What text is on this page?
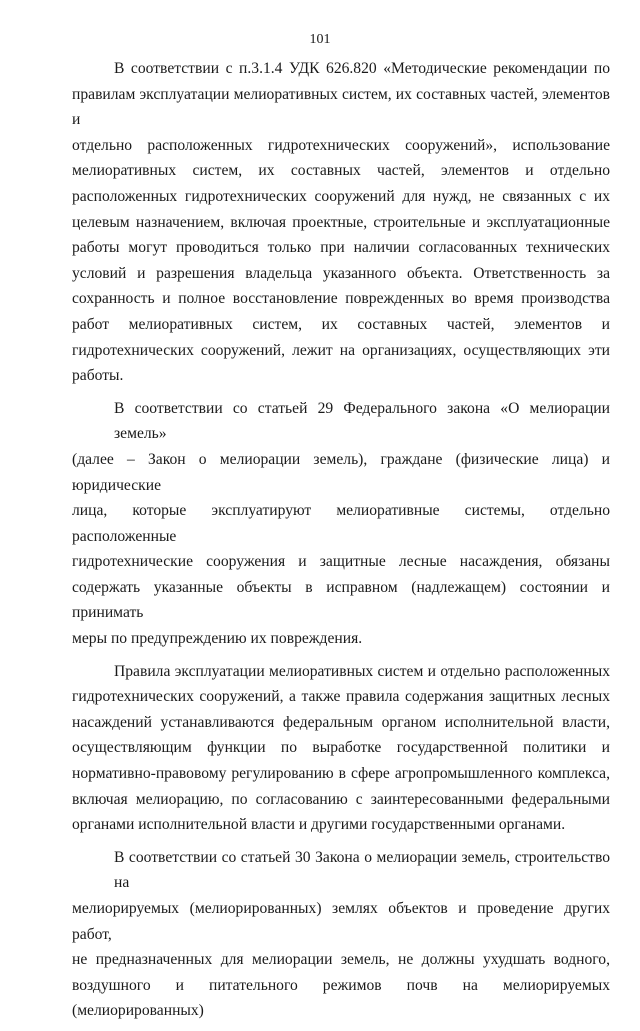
101

В соответствии с п.3.1.4 УДК 626.820 «Методические рекомендации по
правилам эксплуатации мелиоративных систем, их составных частей, элементов и
отдельно расположенных гидротехнических сооружений», использование
мелиоративных систем, их составных частей, элементов и отдельно
расположенных гидротехнических сооружений для нужд, не связанных с их
целевым назначением, включая проектные, строительные и эксплуатационные
работы могут проводиться только при наличии согласованных технических
условий и разрешения владельца указанного объекта. Ответственность за
сохранность и полное восстановление поврежденных во время производства
работ мелиоративных систем, их составных частей, элементов и
гидротехнических сооружений, лежит на организациях, осуществляющих эти
работы.

В соответствии со статьей 29 Федерального закона «О мелиорации земель»
(далее – Закон о мелиорации земель), граждане (физические лица) и юридические
лица, которые эксплуатируют мелиоративные системы, отдельно расположенные
гидротехнические сооружения и защитные лесные насаждения, обязаны
содержать указанные объекты в исправном (надлежащем) состоянии и принимать
меры по предупреждению их повреждения.

Правила эксплуатации мелиоративных систем и отдельно расположенных
гидротехнических сооружений, а также правила содержания защитных лесных
насаждений устанавливаются федеральным органом исполнительной власти,
осуществляющим функции по выработке государственной политики и
нормативно-правовому регулированию в сфере агропромышленного комплекса,
включая мелиорацию, по согласованию с заинтересованными федеральными
органами исполнительной власти и другими государственными органами.

В соответствии со статьей 30 Закона о мелиорации земель, строительство на
мелиорируемых (мелиорированных) землях объектов и проведение других работ,
не предназначенных для мелиорации земель, не должны ухудшать водного,
воздушного и питательного режимов почв на мелиорируемых (мелиорированных)
